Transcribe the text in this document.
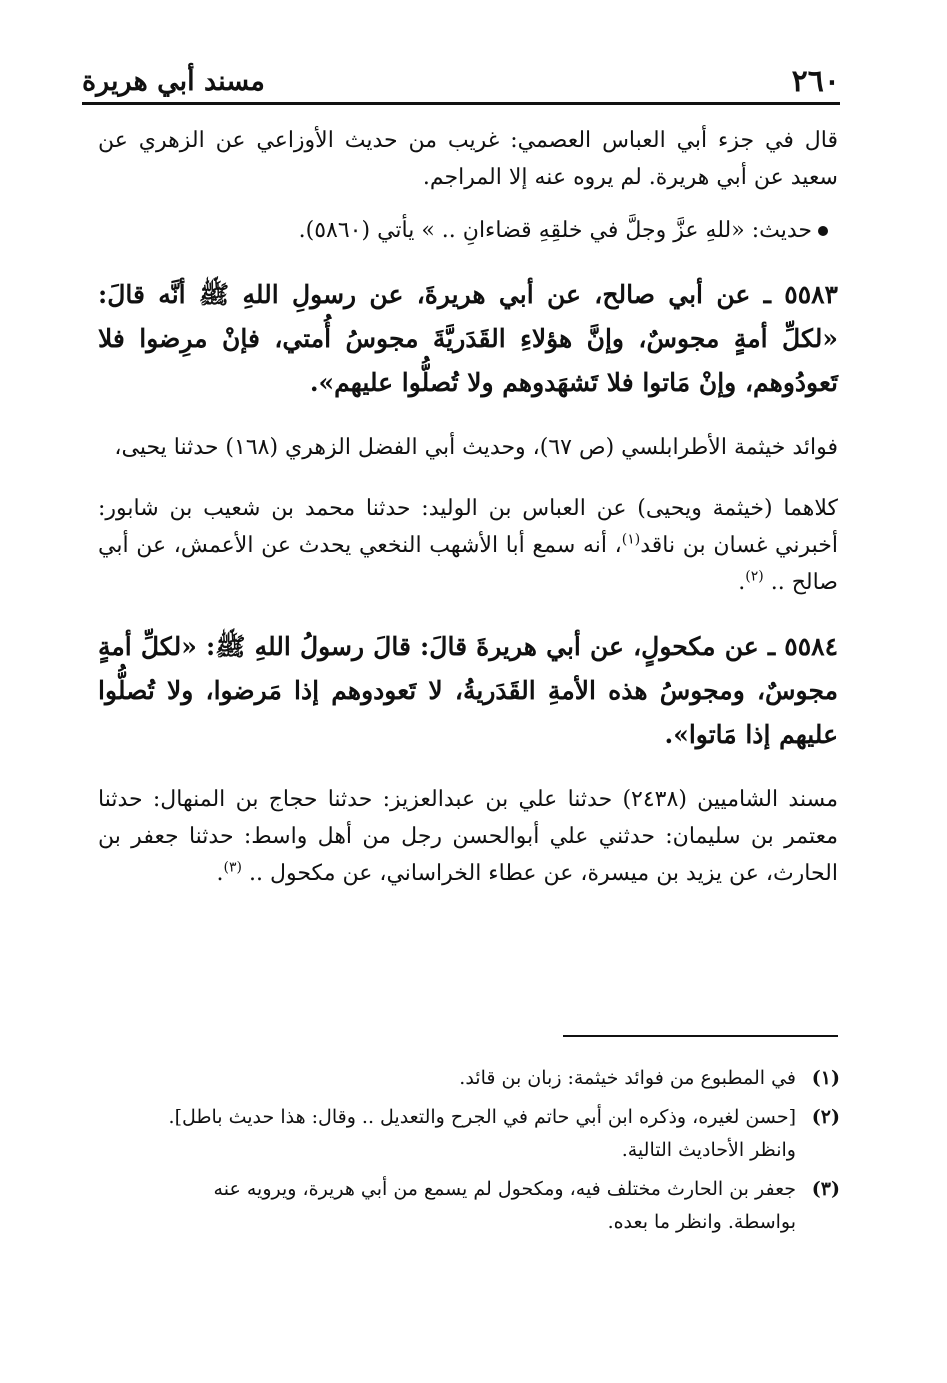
٢٦٠
مسند أبي هريرة

قال في جزء أبي العباس العصمي: غريب من حديث الأوزاعي عن الزهري عن سعيد عن أبي هريرة. لم يروه عنه إلا المراجم.

حديث: «للهِ عزَّ وجلَّ في خلقِهِ قضاءانِ .. » يأتي (٥٨٦٠).

٥٥٨٣ ـ عن أبي صالح، عن أبي هريرةَ، عن رسولِ اللهِ ﷺ أنَّه قالَ: «لكلِّ أمةٍ مجوسٌ، وإنَّ هؤلاءِ القَدَريَّةَ مجوسُ أُمتي، فإنْ مرِضوا فلا تَعودُوهم، وإنْ مَاتوا فلا تَشهَدوهم ولا تُصلُّوا عليهم».

فوائد خيثمة الأطرابلسي (ص ٦٧)، وحديث أبي الفضل الزهري (١٦٨) حدثنا يحيى،

كلاهما (خيثمة ويحيى) عن العباس بن الوليد: حدثنا محمد بن شعيب بن شابور: أخبرني غسان بن ناقد$^{(١)}$، أنه سمع أبا الأشهب النخعي يحدث عن الأعمش، عن أبي صالح .. $^{(٢)}$.

٥٥٨٤ ـ عن مكحولٍ، عن أبي هريرةَ قالَ: قالَ رسولُ اللهِ ﷺ: «لكلِّ أمةٍ مجوسٌ، ومجوسُ هذه الأمةِ القَدَريةُ، لا تَعودوهم إذا مَرضوا، ولا تُصلُّوا عليهم إذا مَاتوا».

مسند الشاميين (٢٤٣٨) حدثنا علي بن عبدالعزيز: حدثنا حجاج بن المنهال: حدثنا معتمر بن سليمان: حدثني علي أبوالحسن رجل من أهل واسط: حدثنا جعفر بن الحارث، عن يزيد بن ميسرة، عن عطاء الخراساني، عن مكحول .. $^{(٣)}$.

(١)
في المطبوع من فوائد خيثمة: زبان بن قائد.

(٢)
[حسن لغيره، وذكره ابن أبي حاتم في الجرح والتعديل .. وقال: هذا حديث باطل]. وانظر الأحاديث التالية.

(٣)
جعفر بن الحارث مختلف فيه، ومكحول لم يسمع من أبي هريرة، ويرويه عنه بواسطة. وانظر ما بعده.
